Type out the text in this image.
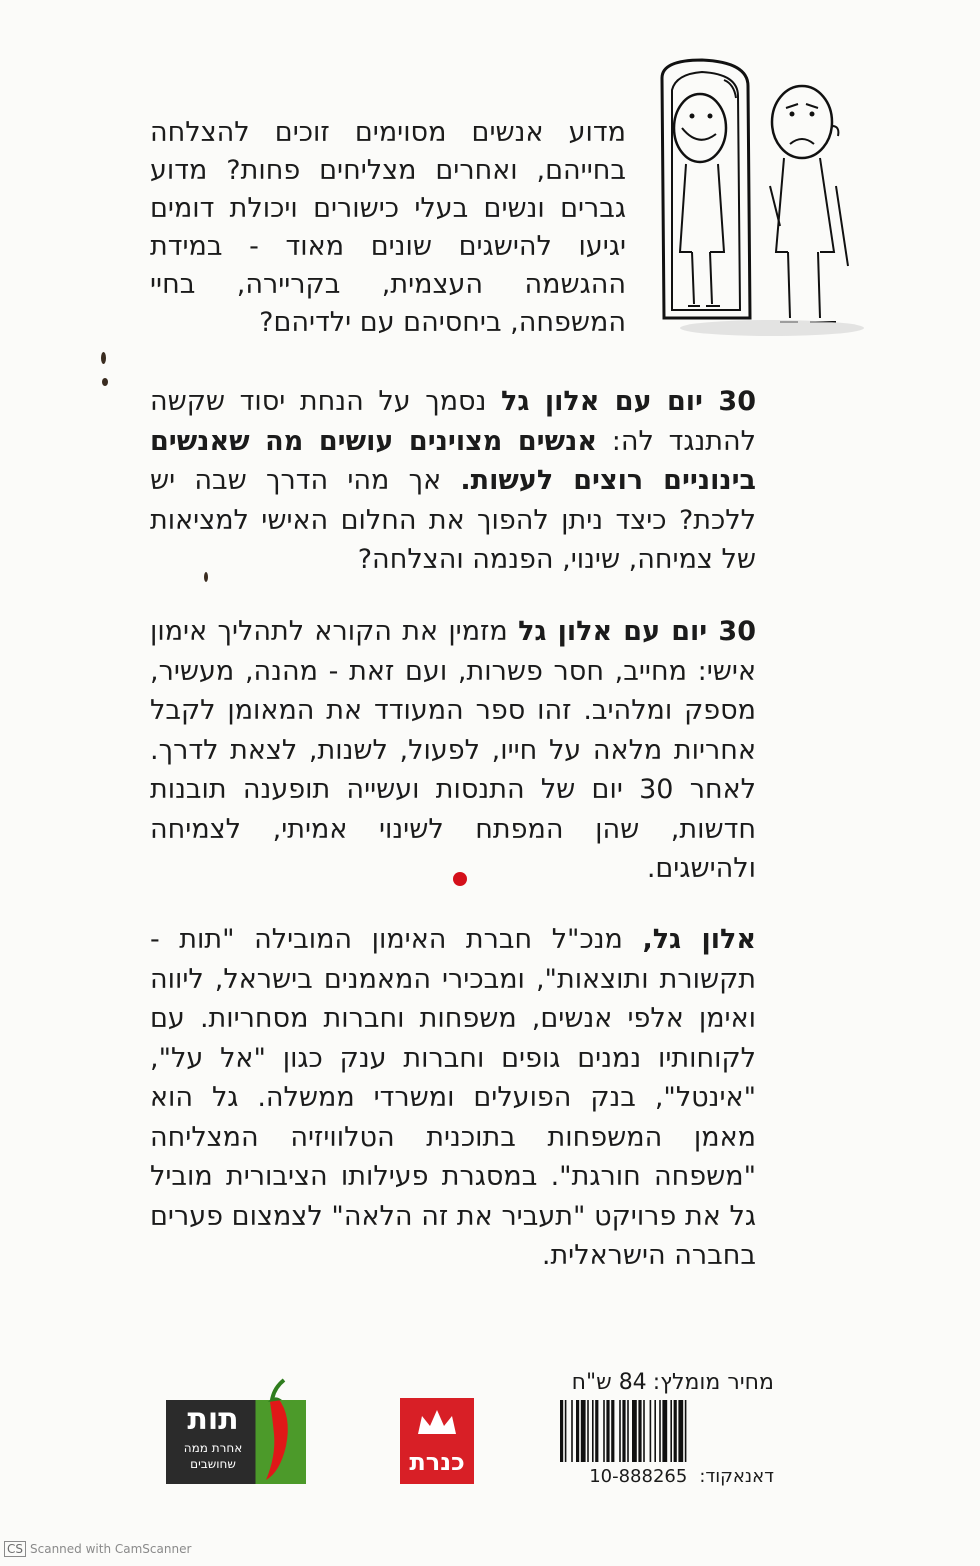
מדוע אנשים מסוימים זוכים להצלחה בחייהם, ואחרים מצליחים פחות? מדוע גברים ונשים בעלי כישורים ויכולת דומים יגיעו להישגים שונים מאוד - במידת ההגשמה העצמית, בקריירה, בחיי המשפחה, ביחסיהם עם ילדיהם?

30 יום עם אלון גל נסמך על הנחת יסוד שקשה להתנגד לה: אנשים מצוינים עושים מה שאנשים בינוניים רוצים לעשות. אך מהי הדרך שבה יש ללכת? כיצד ניתן להפוך את החלום האישי למציאות של צמיחה, שינוי, הפנמה והצלחה?

30 יום עם אלון גל מזמין את הקורא לתהליך אימון אישי: מחייב, חסר פשרות, ועם זאת - מהנה, מעשיר, מספק ומלהיב. זהו ספר המעודד את המאומן לקבל אחריות מלאה על חייו, לפעול, לשנות, לצאת לדרך. לאחר 30 יום של התנסות ועשייה תופענה תובנות חדשות, שהן המפתח לשינוי אמיתי, לצמיחה ולהישגים.

אלון גל, מנכ"ל חברת האימון המובילה "תות - תקשורת ותוצאות", ומבכירי המאמנים בישראל, ליווה ואימן אלפי אנשים, משפחות וחברות מסחריות. עם לקוחותיו נמנים גופים וחברות ענק כגון "אל על", "אינטל", בנק הפועלים ומשרדי ממשלה. גל הוא מאמן המשפחות בתוכנית הטלוויזיה המצליחה "משפחה חורגת". במסגרת פעילותו הציבורית מוביל גל את פרויקט "תעביר את זה הלאה" לצמצום פערים בחברה הישראלית.

מחיר מומלץ:84 ש"ח
דאנאקוד:10-888265
כנרת
תות
אחרת ממה
שחושבים
CS Scanned with CamScanner
